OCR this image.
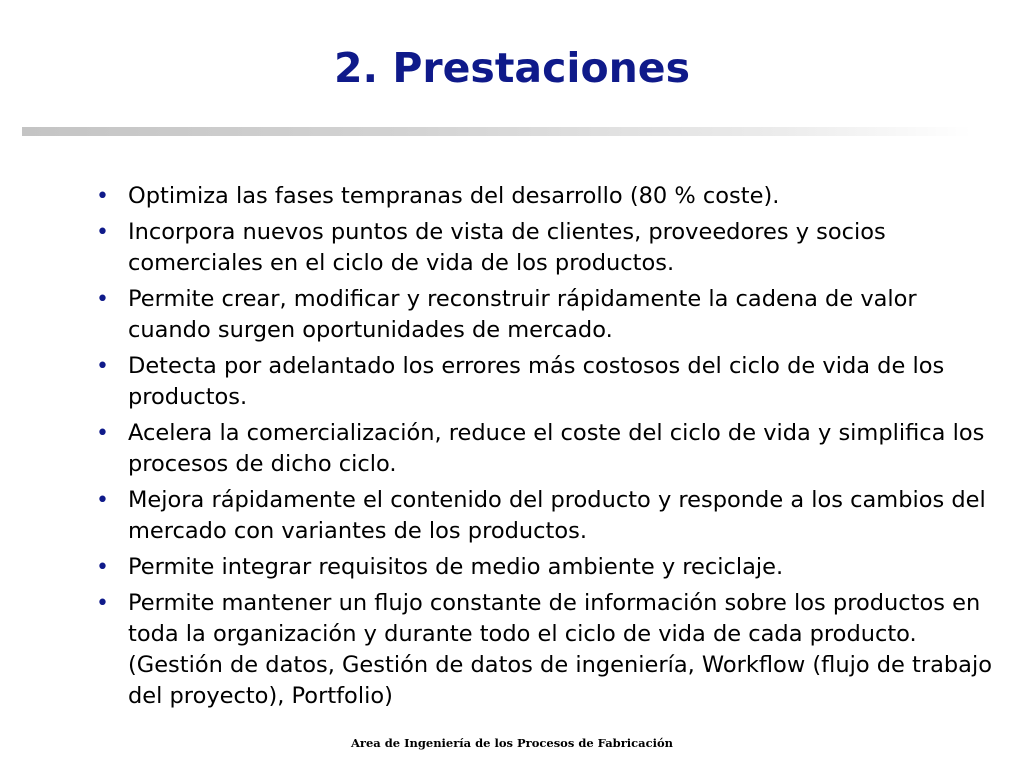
2. Prestaciones
• Optimiza las fases tempranas del desarrollo (80 % coste).
• Incorpora nuevos puntos de vista de clientes, proveedores y socios comerciales en el ciclo de vida de los productos.
• Permite crear, modificar y reconstruir rápidamente la cadena de valor cuando surgen oportunidades de mercado.
• Detecta por adelantado los errores más costosos del ciclo de vida de los productos.
• Acelera la comercialización, reduce el coste del ciclo de vida y simplifica los procesos de dicho ciclo.
• Mejora rápidamente el contenido del producto y responde a los cambios del mercado con variantes de los productos.
• Permite integrar requisitos de medio ambiente y reciclaje.
• Permite mantener un flujo constante de información sobre los productos en toda la organización y durante todo el ciclo de vida de cada producto. (Gestión de datos, Gestión de datos de ingeniería, Workflow (flujo de trabajo del proyecto), Portfolio)
Area de Ingeniería de los Procesos de Fabricación
